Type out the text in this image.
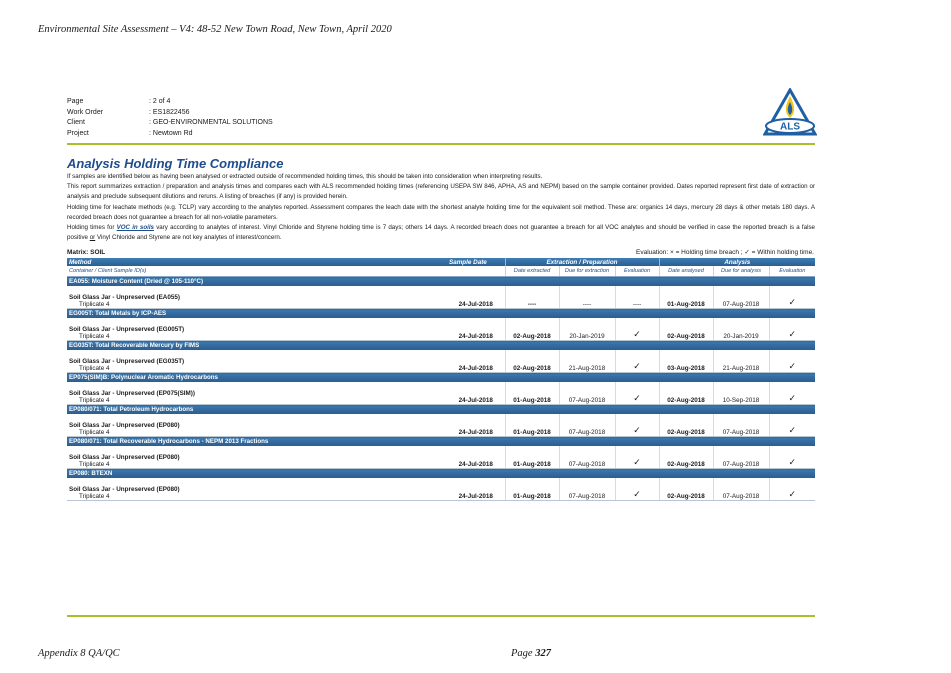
Environmental Site Assessment – V4: 48-52 New Town Road, New Town, April 2020
Page	: 2 of 4
Work Order	: ES1822456
Client	: GEO-ENVIRONMENTAL SOLUTIONS
Project	: Newtown Rd
ALS
Analysis Holding Time Compliance

If samples are identified below as having been analysed or extracted outside of recommended holding times, this should be taken into consideration when interpreting results.

This report summarizes extraction / preparation and analysis times and compares each with ALS recommended holding times (referencing USEPA SW 846, APHA, AS and NEPM) based on the sample container provided. Dates reported represent first date of extraction or analysis and preclude subsequent dilutions and reruns. A listing of breaches (if any) is provided herein.

Holding time for leachate methods (e.g. TCLP) vary according to the analytes reported. Assessment compares the leach date with the shortest analyte holding time for the equivalent soil method. These are: organics 14 days, mercury 28 days & other metals 180 days. A recorded breach does not guarantee a breach for all non-volatile parameters.

Holding times for VOC in soils vary according to analytes of interest. Vinyl Chloride and Styrene holding time is 7 days; others 14 days. A recorded breach does not guarantee a breach for all VOC analytes and should be verified in case the reported breach is a false positive or Vinyl Chloride and Styrene are not key analytes of interest/concern.

Matrix: SOIL	Evaluation: × = Holding time breach ; ✓ = Within holding time.
Method	Sample Date	Extraction / Preparation			Analysis		
Container / Client Sample ID(s)		Date extracted	Due for extraction	Evaluation	Date analysed	Due for analysis	Evaluation
EA055: Moisture Content (Dried @ 105-110°C)							

Soil Glass Jar - Unpreserved (EA055)
Triplicate 4	24-Jul-2018	----	----	----	01-Aug-2018	07-Aug-2018	✓
EG005T: Total Metals by ICP-AES							

Soil Glass Jar - Unpreserved (EG005T)
Triplicate 4	24-Jul-2018	02-Aug-2018	20-Jan-2019	✓	02-Aug-2018	20-Jan-2019	✓
EG035T: Total Recoverable Mercury by FIMS							

Soil Glass Jar - Unpreserved (EG035T)
Triplicate 4	24-Jul-2018	02-Aug-2018	21-Aug-2018	✓	03-Aug-2018	21-Aug-2018	✓
EP075(SIM)B: Polynuclear Aromatic Hydrocarbons							

Soil Glass Jar - Unpreserved (EP075(SIM))
Triplicate 4	24-Jul-2018	01-Aug-2018	07-Aug-2018	✓	02-Aug-2018	10-Sep-2018	✓
EP080/071: Total Petroleum Hydrocarbons							

Soil Glass Jar - Unpreserved (EP080)
Triplicate 4	24-Jul-2018	01-Aug-2018	07-Aug-2018	✓	02-Aug-2018	07-Aug-2018	✓
EP080/071: Total Recoverable Hydrocarbons - NEPM 2013 Fractions							

Soil Glass Jar - Unpreserved (EP080)
Triplicate 4	24-Jul-2018	01-Aug-2018	07-Aug-2018	✓	02-Aug-2018	07-Aug-2018	✓
EP080: BTEXN							

Soil Glass Jar - Unpreserved (EP080)
Triplicate 4	24-Jul-2018	01-Aug-2018	07-Aug-2018	✓	02-Aug-2018	07-Aug-2018	✓
Appendix 8 QA/QC	Page 327
